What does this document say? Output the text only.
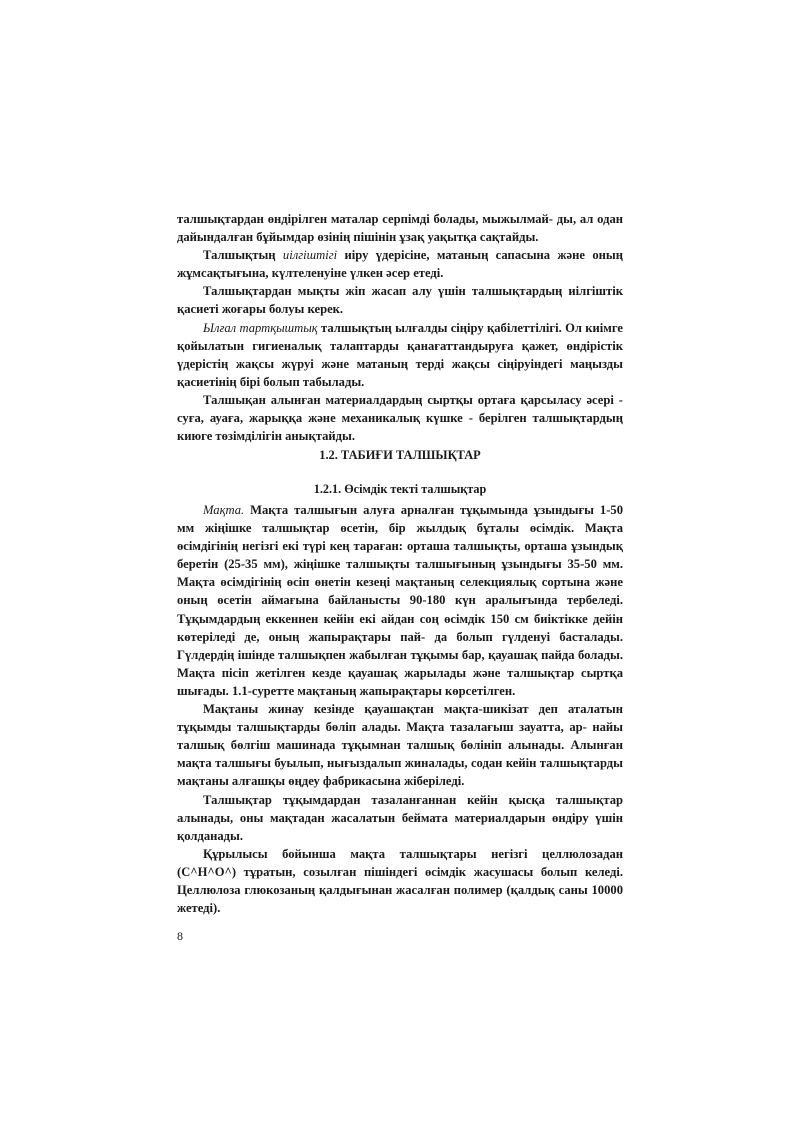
талшықтардан өндірілген маталар серпімді болады, мыжылмай- ды, ал одан дайындалған бұйымдар өзінің пішінін ұзақ уақытқа сақтайды.

Талшықтың иілгіштігі иіру үдерісіне, матаның сапасына және оның жұмсақтығына, күлтеленуіне үлкен әсер етеді.

Талшықтардан мықты жіп жасап алу үшін талшықтардың иілгіштік қасиеті жоғары болуы керек.

Ылғал тартқыштық талшықтың ылғалды сіңіру қабілеттілігі. Ол киімге қойылатын гигиеналық талаптарды қанағаттандыруға қажет, өндірістік үдерістің жақсы жүруі және матаның терді жақсы сіңіруіндегі маңызды қасиетінің бірі болып табылады.

Талшықан алынған материалдардың сыртқы ортаға қарсыласу әсері - суға, ауаға, жарыққа және механикалық күшке - берілген талшықтардың киюге төзімділігін анықтайды.

1.2. ТАБИҒИ ТАЛШЫҚТАР
1.2.1. Өсімдік текті талшықтар

Мақта. Мақта талшығын алуға арналған тұқымында ұзындығы 1-50 мм жіңішке талшықтар өсетін, бір жылдық бұталы өсімдік. Мақта өсімдігінің негізгі екі түрі кең тараған: орташа талшықты, орташа ұзындық беретін (25-35 мм), жіңішке талшықты талшығының ұзындығы 35-50 мм. Мақта өсімдігінің өсіп өнетін кезеңі мақтаның селекциялық сортына және оның өсетін аймағына байланысты 90-180 күн аралығында тербеледі. Тұқымдардың еккеннен кейін екі айдан соң өсімдік 150 см биіктікке дейін көтеріледі де, оның жапырақтары пай- да болып гүлденуі басталады. Гүлдердің ішінде талшықпен жабылған тұқымы бар, қауашақ пайда болады. Мақта пісіп жетілген кезде қауашақ жарылады және талшықтар сыртқа шығады. 1.1-суретте мақтаның жапырақтары көрсетілген.

Мақтаны жинау кезінде қауашақтан мақта-шикізат деп аталатын тұқымды талшықтарды бөліп алады. Мақта тазалағыш зауатта, ар- найы талшық бөлгіш машинада тұқымнан талшық бөлініп алынады. Алынған мақта талшығы буылып, нығыздалып жиналады, содан кейін талшықтарды мақтаны алғашқы өңдеу фабрикасына жіберіледі.

Талшықтар тұқымдардан тазаланғаннан кейін қысқа талшықтар алынады, оны мақтадан жасалатын беймата материалдарын өндіру үшін қолданады.

Құрылысы бойынша мақта талшықтары негізгі целлюлозадан (C^H^O^) тұратын, созылған пішіндегі өсімдік жасушасы болып келеді. Целлюлоза глюкозаның қалдығынан жасалған полимер (қалдық саны 10000 жетеді).

8
